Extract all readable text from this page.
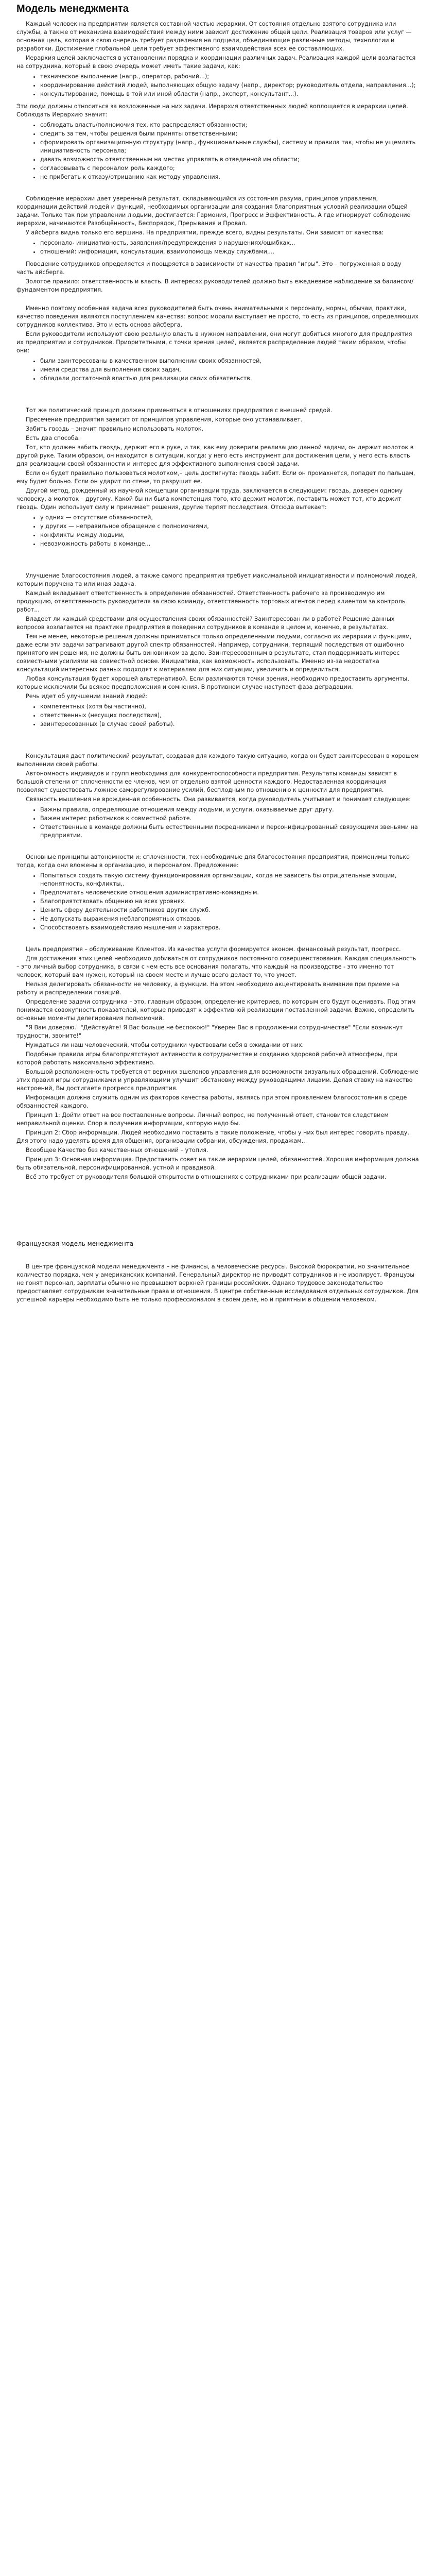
Модель менеджмента

Каждый человек на предприятии является составной частью иерархии. От состояния отдельно взятого сотрудника или службы, а также от механизма взаимодействия между ними зависит достижение общей цели. Реализация товаров или услуг — основная цель, которая в свою очередь требует разделения на подцели, объединяющие различные методы, технологии и разработки. Достижение глобальной цели требует эффективного взаимодействия всех ее составляющих.

Иерархия целей заключается в установлении порядка и координации различных задач. Реализация каждой цели возлагается на сотрудника, который в свою очередь может иметь такие задачи, как:

• техническое выполнение (напр., оператор, рабочий...);
• координирование действий людей, выполняющих общую задачу (напр., директор; руководитель отдела, направления...);
• консультирование, помощь в той или иной области (напр., эксперт, консультант...).

Эти люди должны относиться за возложенные на них задачи. Иерархия ответственных людей воплощается в иерархии целей. Соблюдать Иерархию значит:

• соблюдать власть/полномочия тех, кто распределяет обязанности;
• следить за тем, чтобы решения были приняты ответственными;
• сформировать организационную структуру (напр., функциональные службы), систему и правила так, чтобы не ущемлять инициативность персонала;
• давать возможность ответственным на местах управлять в отведенной им области;
• согласовывать с персоналом роль каждого;
• не прибегать к отказу/отрицанию как методу управления.

Соблюдение иерархии дает уверенный результат, складывающийся из состояния разума, принципов управления, координации действий людей и функций, необходимых организации для создания благоприятных условий реализации общей задачи. Только так при управлении людьми, достигается: Гармония, Прогресс и Эффективность. А где игнорирует соблюдение иерархии, начинаются Разобщённость, Беспорядок, Прерывания и Провал.

У айсберга видна только его вершина. На предприятии, прежде всего, видны результаты. Они зависят от качества:

• персонало- инициативность, заявления/предупреждения о нарушениях/ошибках...
• отношений: информация, консультации, взаимопомощь между службами,...

Поведение сотрудников определяется и поощряется в зависимости от качества правил "игры". Это – погруженная в воду часть айсберга.

Золотое правило: ответственность и власть. В интересах руководителей должно быть ежедневное наблюдение за балансом/фундаментом предприятия.

Именно поэтому особенная задача всех руководителей быть очень внимательными к персоналу, нормы, обычаи, практики, качество поведения являются поступлением качества: вопрос морали выступает не просто, то есть из принципов, определяющих сотрудников коллектива. Это и есть основа айсберга.

Если руководители используют свою реальную власть в нужном направлении, они могут добиться многого для предприятия их предприятии и сотрудников. Приоритетными, с точки зрения целей, является распределение людей таким образом, чтобы они:

• были заинтересованы в качественном выполнении своих обязанностей,
• имели средства для выполнения своих задач,
• обладали достаточной властью для реализации своих обязательств.

Тот же политический принцип должен применяться в отношениях предприятия с внешней средой.

Пресечение предприятия зависит от принципов управления, которые оно устанавливает.

Забить гвоздь – значит правильно использовать молоток.

Есть два способа.

Тот, кто должен забить гвоздь, держит его в руке, и так, как ему доверили реализацию данной задачи, он держит молоток в другой руке. Таким образом, он находится в ситуации, когда: у него есть инструмент для достижения цели, у него есть власть для реализации своей обязанности и интерес для эффективного выполнения своей задачи.

Если он будет правильно пользоваться молотком,– цель достигнута: гвоздь забит. Если он промахнется, попадет по пальцам, ему будет больно. Если он ударит по стене, то разрушит ее.

Другой метод, рожденный из научной концепции организации труда, заключается в следующем: гвоздь, доверен одному человеку, а молоток – другому. Какой бы ни была компетенция того, кто держит молоток, поставить может тот, кто держит гвоздь. Один использует силу и принимает решения, другие терпят последствия. Отсюда вытекает:

• у одних — отсутствие обязанностей,
• у других — неправильное обращение с полномочиями,
• конфликты между людьми,
• невозможность работы в команде...

Улучшение благосостояния людей, а также самого предприятия требует максимальной инициативности и полномочий людей, которым поручена та или иная задача.

Каждый вкладывает ответственность в определение обязанностей. Ответственность рабочего за производимую им продукцию, ответственность руководителя за свою команду, ответственность торговых агентов перед клиентом за контроль работ...

Владеет ли каждый средствами для осуществления своих обязанностей? Заинтересован ли в работе? Решение данных вопросов возлагается на практике предприятия в поведении сотрудников в команде в целом и, конечно, в результатах.

Тем не менее, некоторые решения должны приниматься только определенными людьми, согласно их иерархии и функциям, даже если эти задачи затрагивают другой спектр обязанностей. Например, сотрудники, терпящий последствия от ошибочно принятого им решения, не должны быть виновником за дело. Заинтересованным в результате, стал поддерживать интерес совместными усилиями на совместной основе. Инициатива, как возможность использовать. Именно из-за недостатка консультаций интересных разных подходят к материалам для них ситуации, увеличить и определиться.

Любая консультация будет хорошей альтернативой. Если различаются точки зрения, необходимо предоставить аргументы, которые исключили бы всякое предположения и сомнения. В противном случае наступает фаза деградации.

Речь идет об улучшении знаний людей:

• компетентных (хотя бы частично),
• ответственных (несущих последствия),
• заинтересованных (в случае своей работы).

Консультация дает политический результат, создавая для каждого такую ситуацию, когда он будет заинтересован в хорошем выполнении своей работы.

Автономность индивидов и групп необходима для конкурентоспособности предприятия. Результаты команды зависят в большой степени от сплоченности ее членов, чем от отдельно взятой ценности каждого. Недоставленная координация позволяет существовать ложное саморегулирование усилий, бесплодным по отношению к ценности для предприятия.

Связность мышления не врожденная особенность. Она развивается, когда руководитель учитывает и понимает следующее:

• Важны правила, определяющие отношения между людьми, и услуги, оказываемые друг другу.
• Важен интерес работников к совместной работе.
• Ответственные в команде должны быть естественными посредниками и персонифицированный связующими звеньями на предприятии.

Основные принципы автономности и: сплоченности, тех необходимые для благосостояния предприятия, применимы только тогда, когда они вложены в организацию, и персоналом. Предложение:

• Попытаться создать такую систему функционирования организации, когда не зависеть бы отрицательные эмоции, непонятность, конфликты,.
• Предпочитать человеческие отношения административно-командным.
• Благоприятствовать общению на всех уровнях.
• Ценить сферу деятельности работников других служб.
• Не допускать выражения неблагоприятных отказов.
• Способствовать взаимодействию мышления и характеров.

Цель предприятия – обслуживание Клиентов. Из качества услуги формируется эконом. финансовый результат, прогресс.

Для достижения этих целей необходимо добиваться от сотрудников постоянного совершенствования. Каждая специальность – это личный выбор сотрудника, в связи с чем есть все основания полагать, что каждый на производстве - это именно тот человек, который вам нужен, который на своем месте и лучше всего делает то, что умеет.

Нельзя делегировать обязанности не человеку, а функции. На этом необходимо акцентировать внимание при приеме на работу и распределении позиций.

Определение задачи сотрудника – это, главным образом, определение критериев, по которым его будут оценивать. Под этим понимается совокупность показателей, которые приводят к эффективной реализации поставленной задачи. Важно, определить основные моменты делегирования полномочий.

"Я Вам доверяю." "Действуйте! Я Вас больше не беспокою!" "Уверен Вас в продолжении сотрудничестве" "Если возникнут трудности, звоните!"

Нуждаться ли наш человеческий, чтобы сотрудники чувствовали себя в ожидании от них.

Подобные правила игры благоприятствуют активности в сотрудничестве и созданию здоровой рабочей атмосферы, при которой работать максимально эффективно.

Большой расположенность требуется от верхних эшелонов управления для возможности визуальных обращений. Соблюдение этих правил игры сотрудниками и управляющими улучшит обстановку между руководящими лицами. Делая ставку на качество настроений, Вы достигаете прогресса предприятия.

Информация должна служить одним из факторов качества работы, являясь при этом проявлением благосостояния в среде обязанностей каждого.

Принцип 1: Дойти ответ на все поставленные вопросы. Личный вопрос, не полученный ответ, становится следствием неправильной оценки. Спор в получения информации, которую надо бы.

Принцип 2: Сбор информации. Людей необходимо поставить в такие положение, чтобы у них был интерес говорить правду. Для этого надо уделять время для общения, организации собрании, обсуждения, продажам...

Всеобщее Качество без качественных отношений – утопия.

Принцип 3: Основная информация. Предоставить совет на такие иерархии целей, обязанностей. Хорошая информация должна быть обязательной, персонифицированной, устной и правдивой.

Всё это требует от руководителя большой открытости в отношениях с сотрудниками при реализации общей задачи.

Французская модель менеджмента

В центре французской модели менеджмента – не финансы, а человеческие ресурсы. Высокой бюрократии, но значительное количество порядка, чем у американских компаний. Генеральный директор не приводит сотрудников и не изолирует. Французы не гонят персонал, зарплаты обычно не превышают верхней границы российских. Однако трудовое законодательство предоставляет сотрудникам значительные права и отношения. В центре собственные исследования отдельных сотрудников. Для успешной карьеры необходимо быть не только профессионалом в своём деле, но и приятным в общении человеком.
